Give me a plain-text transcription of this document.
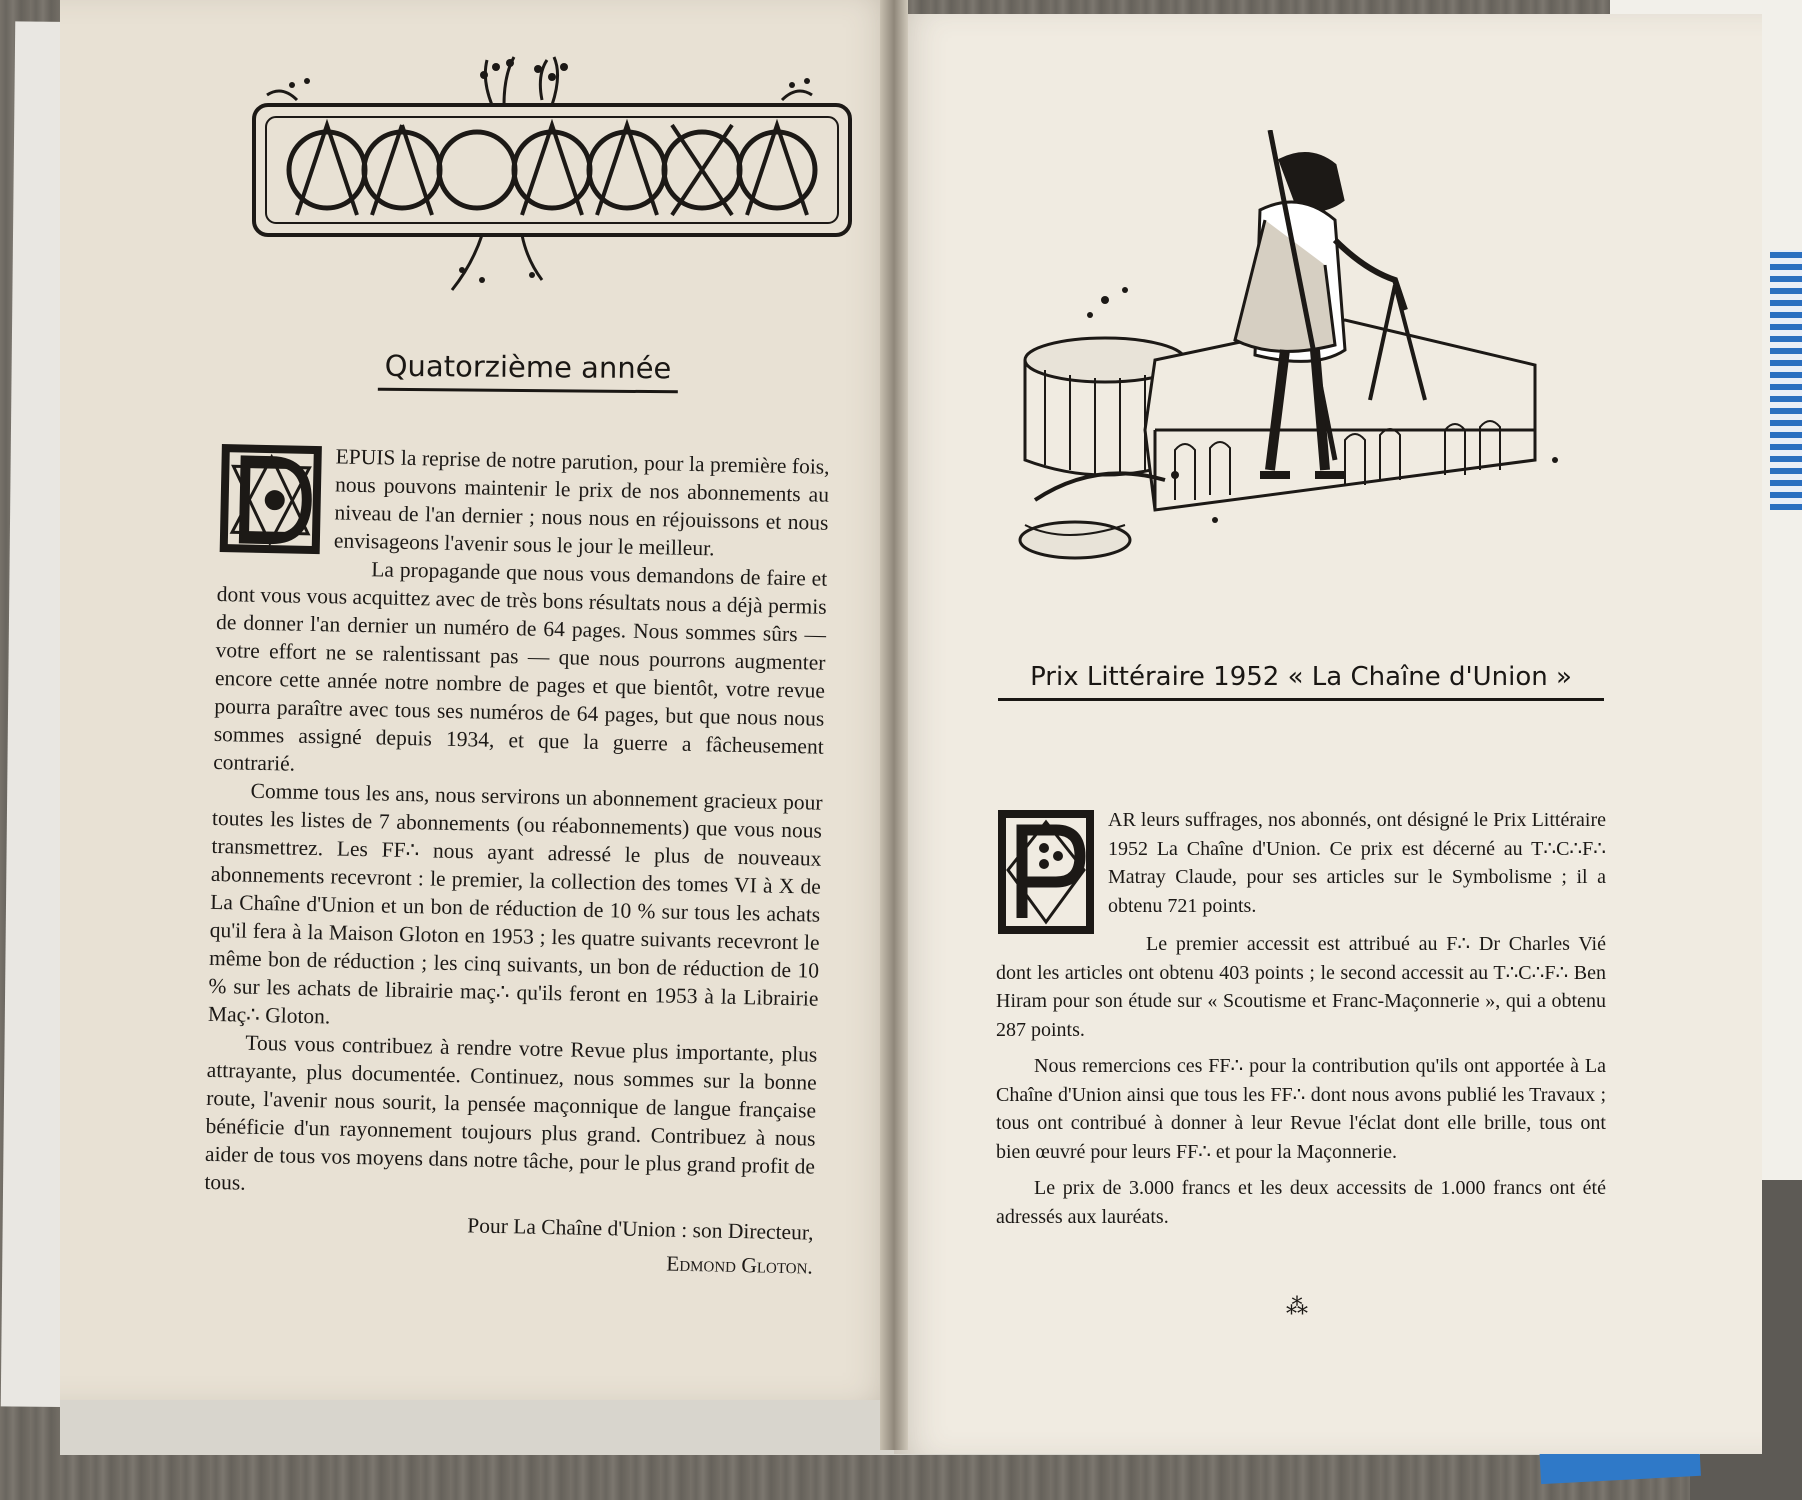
Quatorzième année

EPUIS la reprise de notre parution, pour la première fois, nous pouvons maintenir le prix de nos abonnements au niveau de l'an dernier ; nous nous en réjouissons et nous envisageons l'avenir sous le jour le meilleur.

La propagande que nous vous demandons de faire et dont vous vous acquittez avec de très bons résultats nous a déjà permis de donner l'an dernier un numéro de 64 pages. Nous sommes sûrs — votre effort ne se ralentissant pas — que nous pourrons augmenter encore cette année notre nombre de pages et que bientôt, votre revue pourra paraître avec tous ses numéros de 64 pages, but que nous nous sommes assigné depuis 1934, et que la guerre a fâcheusement contrarié.

Comme tous les ans, nous servirons un abonnement gracieux pour toutes les listes de 7 abonnements (ou réabonnements) que vous nous transmettrez. Les FF∴ nous ayant adressé le plus de nouveaux abonnements recevront : le premier, la collection des tomes VI à X de La Chaîne d'Union et un bon de réduction de 10 % sur tous les achats qu'il fera à la Maison Gloton en 1953 ; les quatre suivants recevront le même bon de réduction ; les cinq suivants, un bon de réduction de 10 % sur les achats de librairie maç∴ qu'ils feront en 1953 à la Librairie Maç∴ Gloton.

Tous vous contribuez à rendre votre Revue plus importante, plus attrayante, plus documentée. Continuez, nous sommes sur la bonne route, l'avenir nous sourit, la pensée maçonnique de langue française bénéficie d'un rayonnement toujours plus grand. Contribuez à nous aider de tous vos moyens dans notre tâche, pour le plus grand profit de tous.

Pour La Chaîne d'Union : son Directeur,

Edmond Gloton.

Prix Littéraire 1952 « La Chaîne d'Union »

AR leurs suffrages, nos abonnés, ont désigné le Prix Littéraire 1952 La Chaîne d'Union. Ce prix est décerné au T∴C∴F∴ Matray Claude, pour ses articles sur le Symbolisme ; il a obtenu 721 points.

Le premier accessit est attribué au F∴ Dr Charles Vié dont les articles ont obtenu 403 points ; le second accessit au T∴C∴F∴ Ben Hiram pour son étude sur « Scoutisme et Franc-Maçonnerie », qui a obtenu 287 points.

Nous remercions ces FF∴ pour la contribution qu'ils ont apportée à La Chaîne d'Union ainsi que tous les FF∴ dont nous avons publié les Travaux ; tous ont contribué à donner à leur Revue l'éclat dont elle brille, tous ont bien œuvré pour leurs FF∴ et pour la Maçonnerie.

Le prix de 3.000 francs et les deux accessits de 1.000 francs ont été adressés aux lauréats.

⁂
